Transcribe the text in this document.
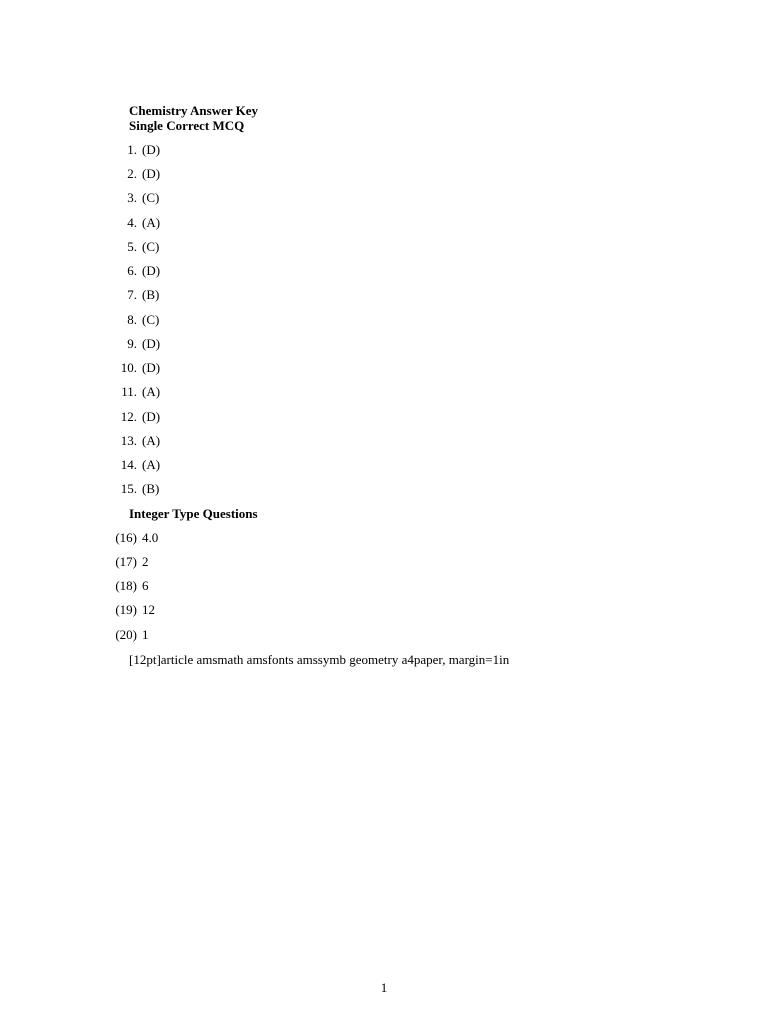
Chemistry Answer Key
Single Correct MCQ
1. (D)
2. (D)
3. (C)
4. (A)
5. (C)
6. (D)
7. (B)
8. (C)
9. (D)
10. (D)
11. (A)
12. (D)
13. (A)
14. (A)
15. (B)
Integer Type Questions
(16) 4.0
(17) 2
(18) 6
(19) 12
(20) 1
[12pt]article amsmath amsfonts amssymb geometry a4paper, margin=1in
1
